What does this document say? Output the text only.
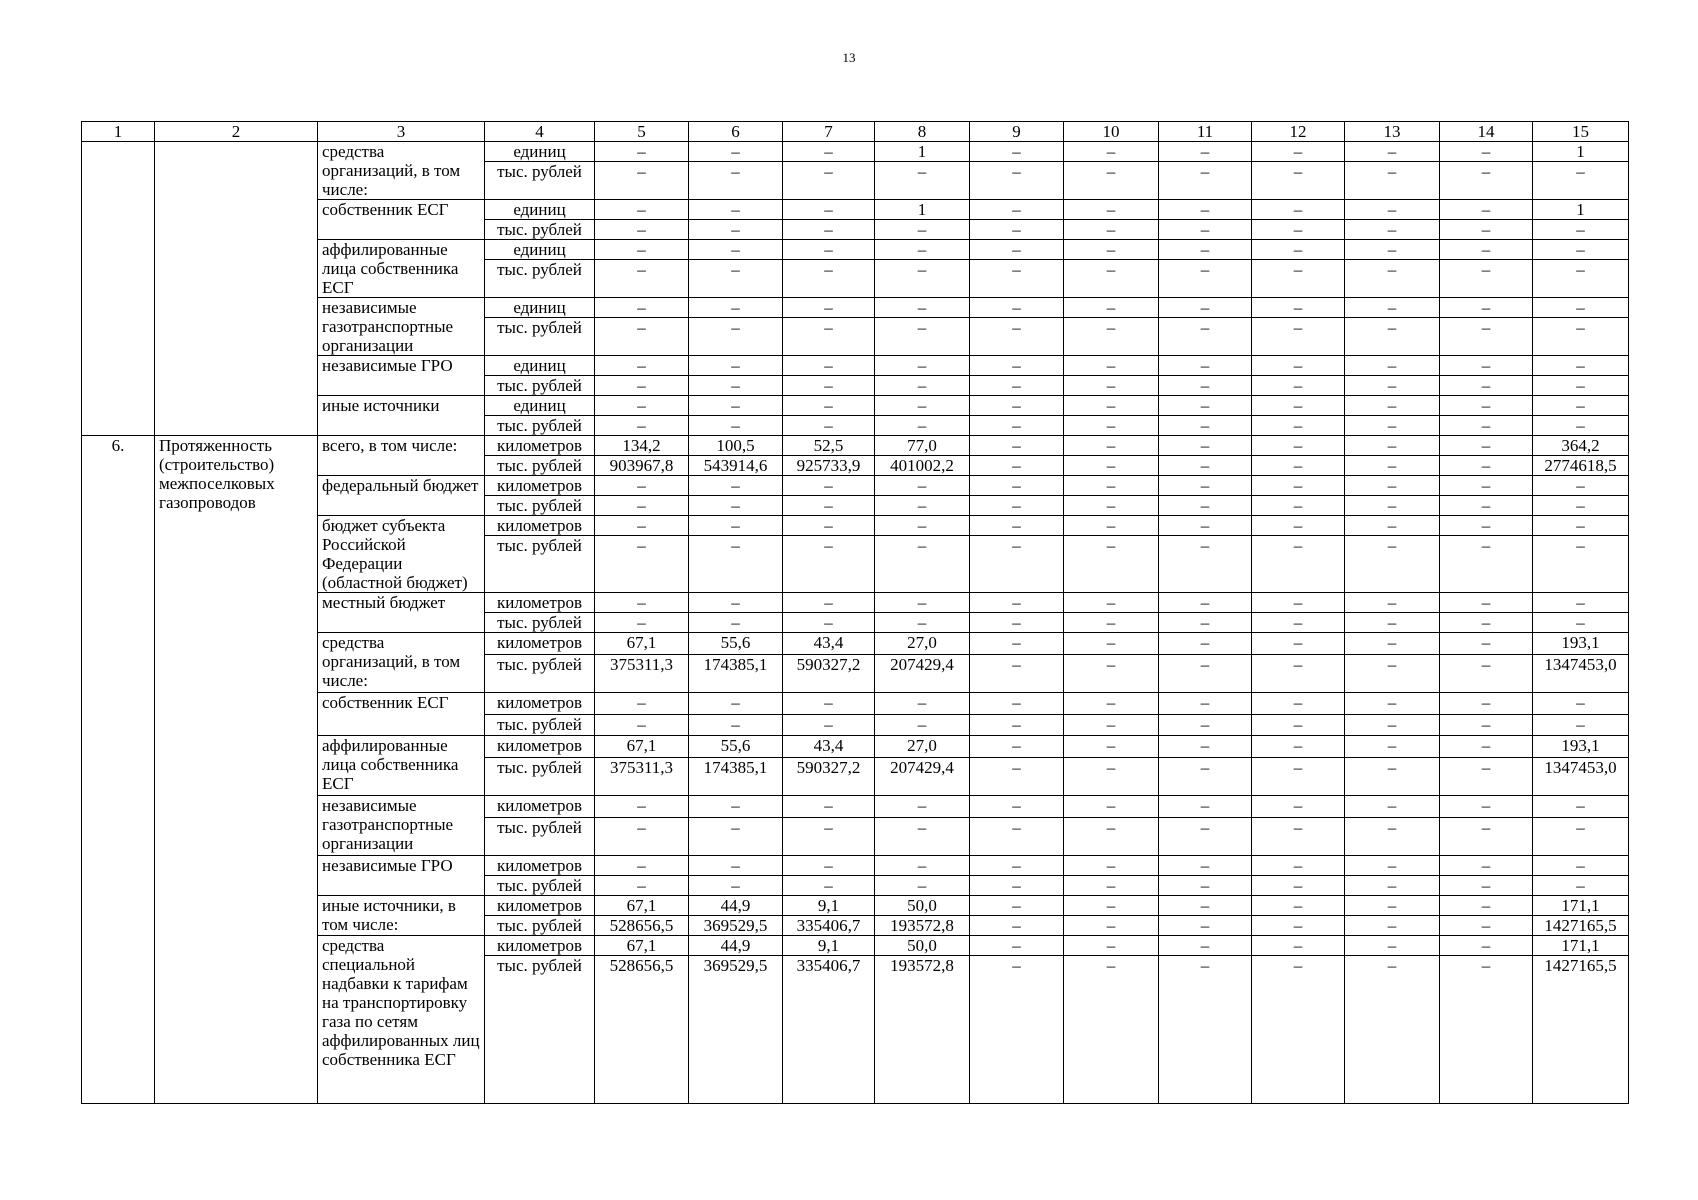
13
1	2	3	4	5	6	7	8	9	10	11	12	13	14	15
		средства организаций, в том числе:	единиц	–	–	–	1	–	–	–	–	–	–	1
			тыс. рублей	–	–	–	–	–	–	–	–	–	–	–
		собственник ЕСГ	единиц	–	–	–	1	–	–	–	–	–	–	1
			тыс. рублей	–	–	–	–	–	–	–	–	–	–	–
		аффилированные лица собственника ЕСГ	единиц	–	–	–	–	–	–	–	–	–	–	–
			тыс. рублей	–	–	–	–	–	–	–	–	–	–	–
		независимые газотранспортные организации	единиц	–	–	–	–	–	–	–	–	–	–	–
			тыс. рублей	–	–	–	–	–	–	–	–	–	–	–
		независимые ГРО	единиц	–	–	–	–	–	–	–	–	–	–	–
			тыс. рублей	–	–	–	–	–	–	–	–	–	–	–
		иные источники	единиц	–	–	–	–	–	–	–	–	–	–	–
			тыс. рублей	–	–	–	–	–	–	–	–	–	–	–
6.	Протяженность (строительство) межпоселковых газопроводов	всего, в том числе:	километров	134,2	100,5	52,5	77,0	–	–	–	–	–	–	364,2
			тыс. рублей	903967,8	543914,6	925733,9	401002,2	–	–	–	–	–	–	2774618,5
		федеральный бюджет	километров	–	–	–	–	–	–	–	–	–	–	–
			тыс. рублей	–	–	–	–	–	–	–	–	–	–	–
		бюджет субъекта Российской Федерации (областной бюджет)	километров	–	–	–	–	–	–	–	–	–	–	–
			тыс. рублей	–	–	–	–	–	–	–	–	–	–	–
		местный бюджет	километров	–	–	–	–	–	–	–	–	–	–	–
			тыс. рублей	–	–	–	–	–	–	–	–	–	–	–
		средства организаций, в том числе:	километров	67,1	55,6	43,4	27,0	–	–	–	–	–	–	193,1
			тыс. рублей	375311,3	174385,1	590327,2	207429,4	–	–	–	–	–	–	1347453,0
		собственник ЕСГ	километров	–	–	–	–	–	–	–	–	–	–	–
			тыс. рублей	–	–	–	–	–	–	–	–	–	–	–
		аффилированные лица собственника ЕСГ	километров	67,1	55,6	43,4	27,0	–	–	–	–	–	–	193,1
			тыс. рублей	375311,3	174385,1	590327,2	207429,4	–	–	–	–	–	–	1347453,0
		независимые газотранспортные организации	километров	–	–	–	–	–	–	–	–	–	–	–
			тыс. рублей	–	–	–	–	–	–	–	–	–	–	–
		независимые ГРО	километров	–	–	–	–	–	–	–	–	–	–	–
			тыс. рублей	–	–	–	–	–	–	–	–	–	–	–
		иные источники, в том числе:	километров	67,1	44,9	9,1	50,0	–	–	–	–	–	–	171,1
			тыс. рублей	528656,5	369529,5	335406,7	193572,8	–	–	–	–	–	–	1427165,5
		средства специальной надбавки к тарифам на транспортировку газа по сетям аффилированных лиц собственника ЕСГ	километров	67,1	44,9	9,1	50,0	–	–	–	–	–	–	171,1
			тыс. рублей	528656,5	369529,5	335406,7	193572,8	–	–	–	–	–	–	1427165,5
